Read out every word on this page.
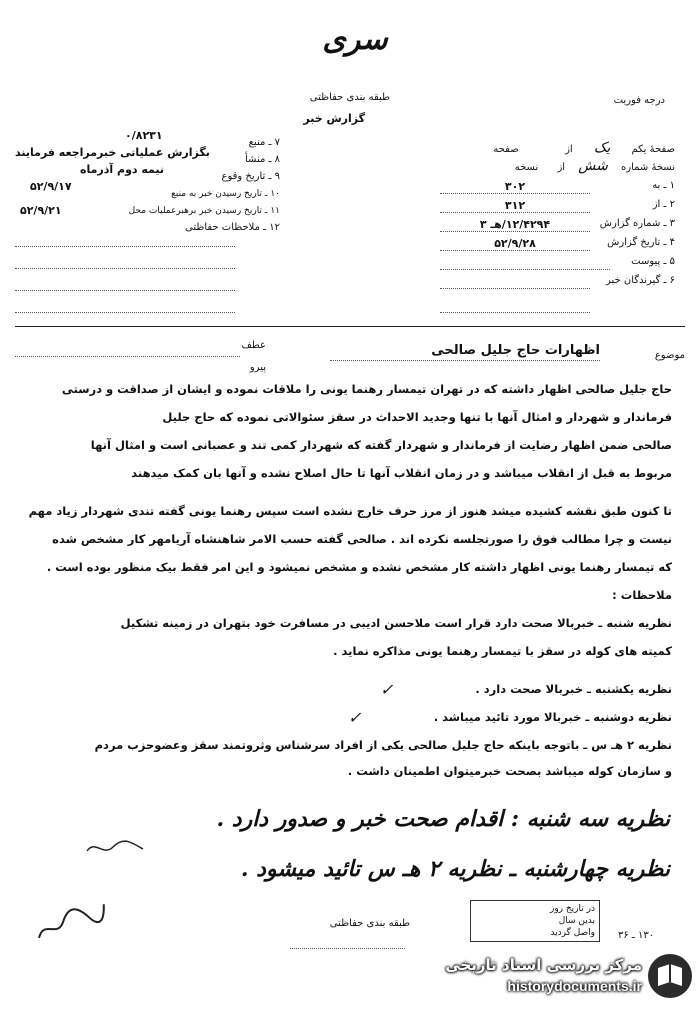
سری
طبقه بندی حفاظتی
گزارش خبر
درجه فوریت
صفحهٔ یکم یک از  صفحه
نسخهٔ شماره شش از نسخه
۱ ـ به
۳۰۲
۲ ـ از
۳۱۲
۳ ـ شماره گزارش
۱۲/۴۲۹۴/هـ ۳
۴ ـ تاریخ گزارش
۵۲/۹/۲۸
۵ ـ پیوست
۶ ـ گیرندگان خبر
۷ ـ منبع
۰/۸۲۳۱
۸ ـ منشأ
بگزارش عملیاتی خبرمراجعه فرمایند
۹ ـ تاریخ وقوع
نیمه دوم آذرماه
۱۰ ـ تاریخ رسیدن خبر به منبع
۵۲/۹/۱۷
۱۱ ـ تاریخ رسیدن خبر برهبرعملیات محل
۵۲/۹/۲۱
۱۲ ـ ملاحظات حفاظتی
موضوع
اظهارات حاج جلیل صالحی
عطف
پیرو
حاج جلیل صالحی اظهار داشته که در تهران تیمسار رهنما یونی را ملاقات نموده و ایشان از صداقت و درستی
فرماندار و شهردار و امثال آنها با تنها وجدید الاحداث در سقز سئوالاتی نموده که حاج جلیل
صالحی ضمن اظهار رضایت از فرماندار و شهردار گفته که شهردار کمی تند و عصبانی است و امثال آنها
مربوط به قبل از انقلاب میباشد و در زمان انقلاب آنها تا حال اصلاح نشده و آنها بان کمک میدهند
تا کنون طبق نقشه کشیده میشد هنوز از مرز حرف خارج نشده است سپس رهنما یونی گفته تندی شهردار زیاد مهم
نیست و چرا مطالب فوق را صورتجلسه نکرده اند . صالحی گفته حسب الامر شاهنشاه آریامهر کار مشخص شده
که تیمسار رهنما یونی اظهار داشته کار مشخص نشده و مشخص نمیشود و این امر فقط بیک منظور بوده است .
ملاحظات :
نظریه شنبه ـ خبربالا صحت دارد قرار است ملاحسن ادیبی در مسافرت خود بتهران در زمینه تشکیل
کمیته های کوله در سقز با تیمسار رهنما یونی مذاکره نماید .
نظریه یکشنبه ـ خبربالا صحت دارد .
✓
نظریه دوشنبه ـ خبربالا مورد تائید میباشد .
✓
نظریه ۲ هـ س ـ باتوجه باینکه حاج جلیل صالحی یکی از افراد سرشناس وثروتمند سقز وعضوحزب مردم
و سازمان کوله میباشد بصحت خبرمیتوان اطمینان داشت .
نظریه سه شنبه : اقدام صحت خبر و صدور دارد .
نظریه چهارشنبه ـ نظریه ۲ هـ س تائید میشود .
در تاریخ روز
بدین سال
واصل گردید
طبقه بندی حفاظتی
۱۳۰ ـ ۳۶
مرکز بررسی اسناد تاریخی
historydocuments.ir
